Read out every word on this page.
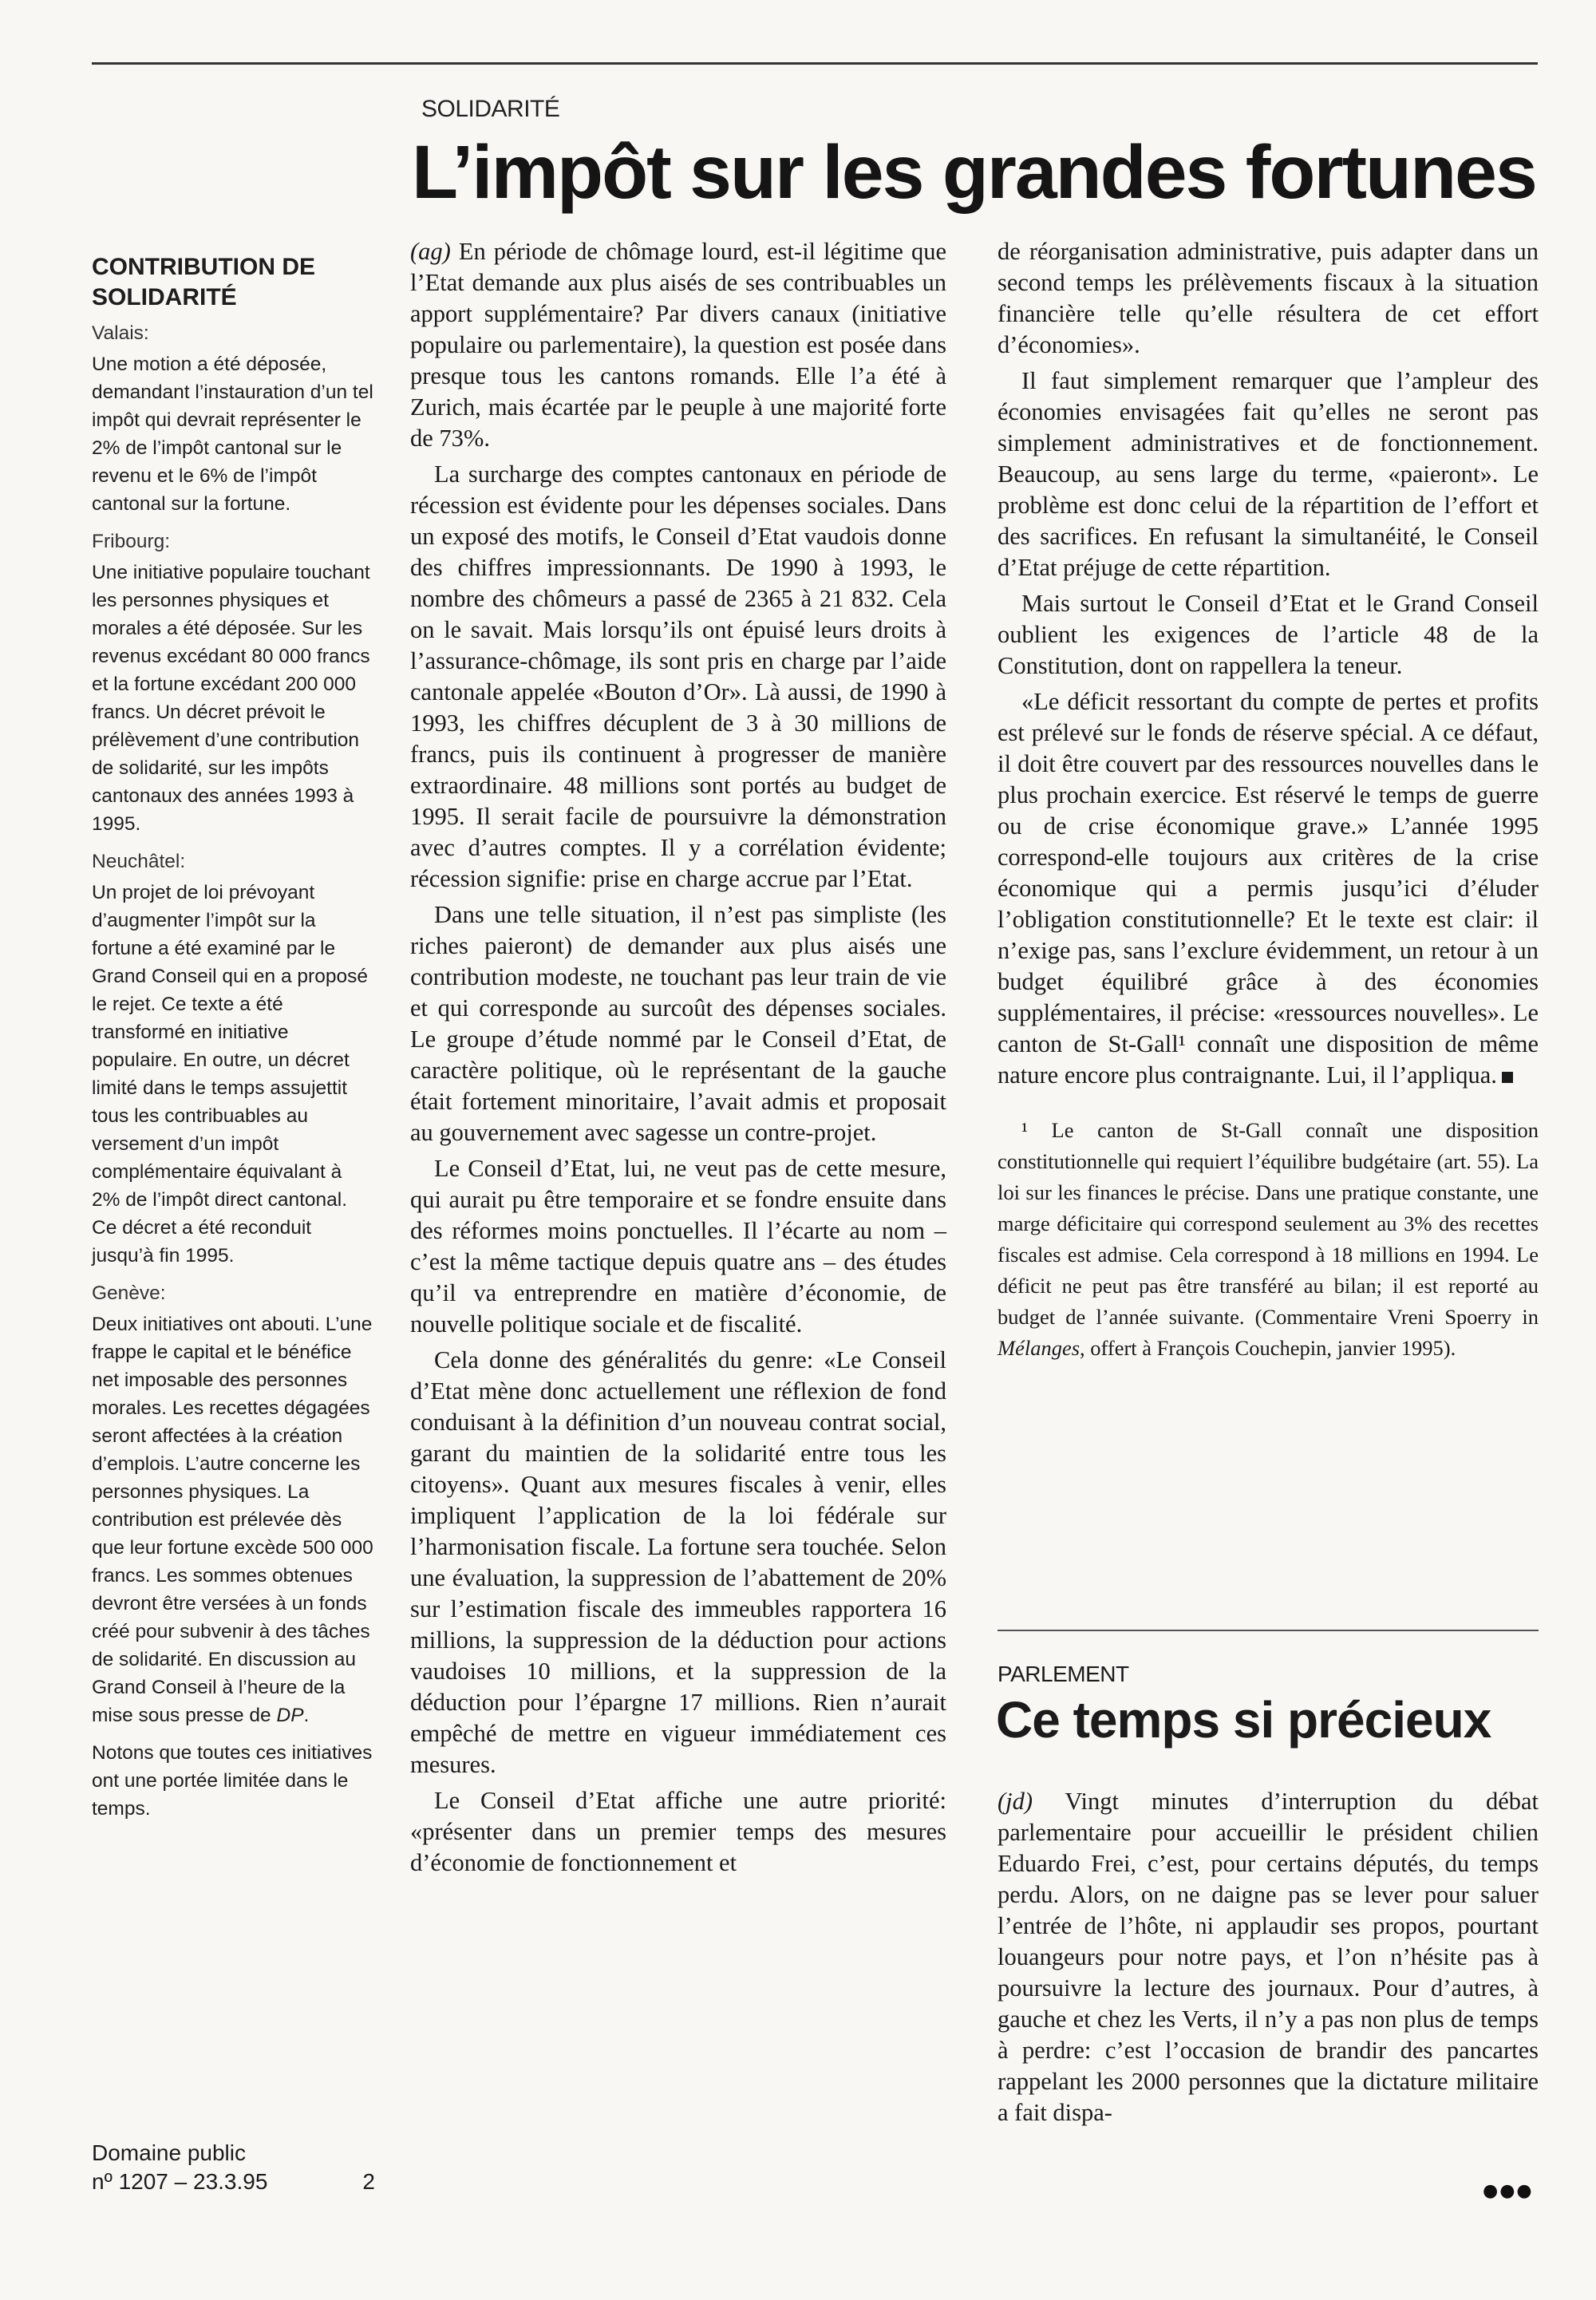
SOLIDARITÉ
L’impôt sur les grandes fortunes
CONTRIBUTION DE SOLIDARITÉ
Valais:

Une motion a été déposée, demandant l’instauration d’un tel impôt qui devrait représenter le 2% de l’impôt cantonal sur le revenu et le 6% de l’impôt cantonal sur la fortune.

Fribourg:

Une initiative populaire touchant les personnes physiques et morales a été déposée. Sur les revenus excédant 80 000 francs et la fortune excédant 200 000 francs. Un décret prévoit le prélèvement d’une contribution de solidarité, sur les impôts cantonaux des années 1993 à 1995.

Neuchâtel:

Un projet de loi prévoyant d’augmenter l’impôt sur la fortune a été examiné par le Grand Conseil qui en a proposé le rejet. Ce texte a été transformé en initiative populaire. En outre, un décret limité dans le temps assujettit tous les contribuables au versement d’un impôt complémentaire équivalant à 2% de l’impôt direct cantonal. Ce décret a été reconduit jusqu’à fin 1995.

Genève:

Deux initiatives ont abouti. L’une frappe le capital et le bénéfice net imposable des personnes morales. Les recettes dégagées seront affectées à la création d’emplois. L’autre concerne les personnes physiques. La contribution est prélevée dès que leur fortune excède 500 000 francs. Les sommes obtenues devront être versées à un fonds créé pour subvenir à des tâches de solidarité. En discussion au Grand Conseil à l’heure de la mise sous presse de DP.

Notons que toutes ces initiatives ont une portée limitée dans le temps.

Domaine public
nº 1207 – 23.3.95	2

(ag) En période de chômage lourd, est-il légitime que l’Etat demande aux plus aisés de ses contribuables un apport supplémentaire? Par divers canaux (initiative populaire ou parlementaire), la question est posée dans presque tous les cantons romands. Elle l’a été à Zurich, mais écartée par le peuple à une majorité forte de 73%.

La surcharge des comptes cantonaux en période de récession est évidente pour les dépenses sociales. Dans un exposé des motifs, le Conseil d’Etat vaudois donne des chiffres impressionnants. De 1990 à 1993, le nombre des chômeurs a passé de 2365 à 21 832. Cela on le savait. Mais lorsqu’ils ont épuisé leurs droits à l’assurance-chômage, ils sont pris en charge par l’aide cantonale appelée «Bouton d’Or». Là aussi, de 1990 à 1993, les chiffres décuplent de 3 à 30 millions de francs, puis ils continuent à progresser de manière extraordinaire. 48 millions sont portés au budget de 1995. Il serait facile de poursuivre la démonstration avec d’autres comptes. Il y a corrélation évidente; récession signifie: prise en charge accrue par l’Etat.

Dans une telle situation, il n’est pas simpliste (les riches paieront) de demander aux plus aisés une contribution modeste, ne touchant pas leur train de vie et qui corresponde au surcoût des dépenses sociales. Le groupe d’étude nommé par le Conseil d’Etat, de caractère politique, où le représentant de la gauche était fortement minoritaire, l’avait admis et proposait au gouvernement avec sagesse un contre-projet.

Le Conseil d’Etat, lui, ne veut pas de cette mesure, qui aurait pu être temporaire et se fondre ensuite dans des réformes moins ponctuelles. Il l’écarte au nom – c’est la même tactique depuis quatre ans – des études qu’il va entreprendre en matière d’économie, de nouvelle politique sociale et de fiscalité.

Cela donne des généralités du genre: «Le Conseil d’Etat mène donc actuellement une réflexion de fond conduisant à la définition d’un nouveau contrat social, garant du maintien de la solidarité entre tous les citoyens». Quant aux mesures fiscales à venir, elles impliquent l’application de la loi fédérale sur l’harmonisation fiscale. La fortune sera touchée. Selon une évaluation, la suppression de l’abattement de 20% sur l’estimation fiscale des immeubles rapportera 16 millions, la suppression de la déduction pour actions vaudoises 10 millions, et la suppression de la déduction pour l’épargne 17 millions. Rien n’aurait empêché de mettre en vigueur immédiatement ces mesures.

Le Conseil d’Etat affiche une autre priorité: «présenter dans un premier temps des mesures d’économie de fonctionnement et

de réorganisation administrative, puis adapter dans un second temps les prélèvements fiscaux à la situation financière telle qu’elle résultera de cet effort d’économies».

Il faut simplement remarquer que l’ampleur des économies envisagées fait qu’elles ne seront pas simplement administratives et de fonctionnement. Beaucoup, au sens large du terme, «paieront». Le problème est donc celui de la répartition de l’effort et des sacrifices. En refusant la simultanéité, le Conseil d’Etat préjuge de cette répartition.

Mais surtout le Conseil d’Etat et le Grand Conseil oublient les exigences de l’article 48 de la Constitution, dont on rappellera la teneur.

«Le déficit ressortant du compte de pertes et profits est prélevé sur le fonds de réserve spécial. A ce défaut, il doit être couvert par des ressources nouvelles dans le plus prochain exercice. Est réservé le temps de guerre ou de crise économique grave.» L’année 1995 correspond-elle toujours aux critères de la crise économique qui a permis jusqu’ici d’éluder l’obligation constitutionnelle? Et le texte est clair: il n’exige pas, sans l’exclure évidemment, un retour à un budget équilibré grâce à des économies supplémentaires, il précise: «ressources nouvelles». Le canton de St-Gall¹ connaît une disposition de même nature encore plus contraignante. Lui, il l’appliqua.

¹ Le canton de St-Gall connaît une disposition constitutionnelle qui requiert l’équilibre budgétaire (art. 55). La loi sur les finances le précise. Dans une pratique constante, une marge déficitaire qui correspond seulement au 3% des recettes fiscales est admise. Cela correspond à 18 millions en 1994. Le déficit ne peut pas être transféré au bilan; il est reporté au budget de l’année suivante. (Commentaire Vreni Spoerry in Mélanges, offert à François Couchepin, janvier 1995).

PARLEMENT
Ce temps si précieux

(jd) Vingt minutes d’interruption du débat parlementaire pour accueillir le président chilien Eduardo Frei, c’est, pour certains députés, du temps perdu. Alors, on ne daigne pas se lever pour saluer l’entrée de l’hôte, ni applaudir ses propos, pourtant louangeurs pour notre pays, et l’on n’hésite pas à poursuivre la lecture des journaux. Pour d’autres, à gauche et chez les Verts, il n’y a pas non plus de temps à perdre: c’est l’occasion de brandir des pancartes rappelant les 2000 personnes que la dictature militaire a fait dispa-

●●●
